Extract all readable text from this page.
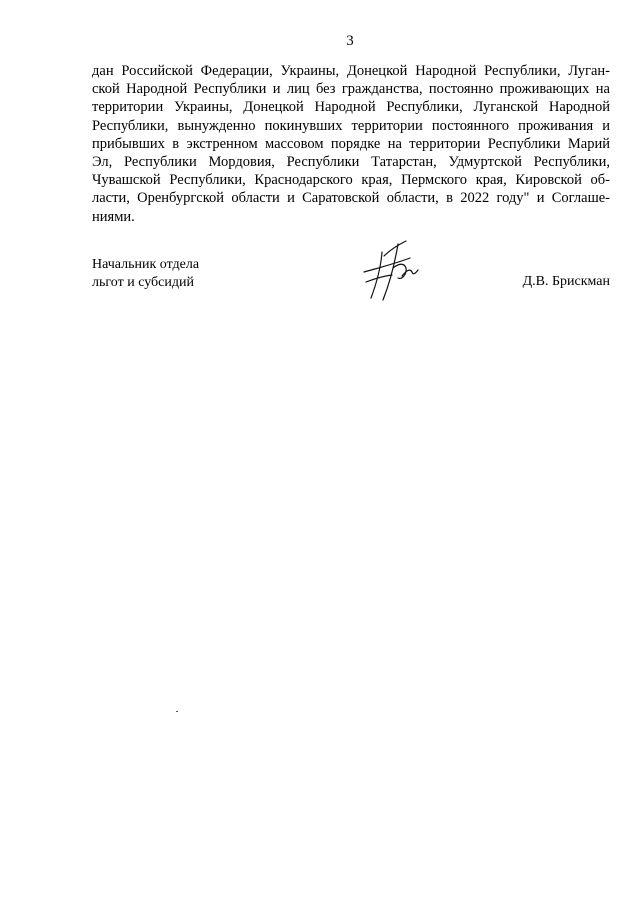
3
дан Российской Федерации, Украины, Донецкой Народной Республики, Луган-
ской Народной Республики и лиц без гражданства, постоянно проживающих на
территории Украины, Донецкой Народной Республики, Луганской Народной
Республики, вынужденно покинувших территории постоянного проживания и
прибывших в экстренном массовом порядке на территории Республики Марий
Эл, Республики Мордовия, Республики Татарстан, Удмуртской Республики,
Чувашской Республики, Краснодарского края, Пермского края, Кировской об-
ласти, Оренбургской области и Саратовской области, в 2022 году" и Соглаше-
ниями.
Начальник отдела
льгот и субсидий	Д.В. Брискман
